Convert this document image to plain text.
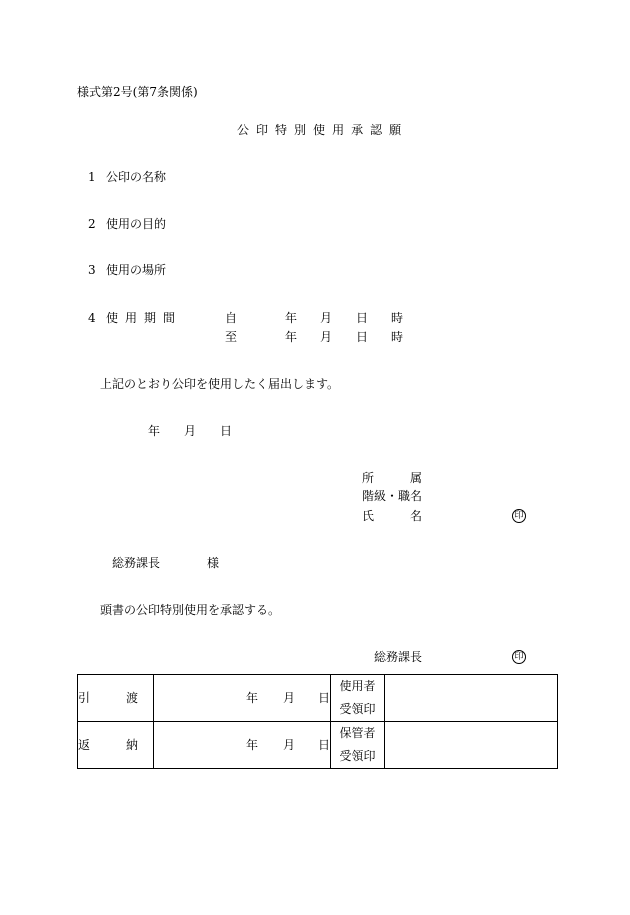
様式第2号(第7条関係)
公 印 特 別 使 用 承 認 願
1 公印の名称
2 使用の目的
3 使用の場所
4 使 用 期 間	自	年 月 日 時
至	年 月 日 時
上記のとおり公印を使用したく届出します。
年 月 日
所　　　属
階級・職名
氏　　　名	印
総務課長	様
頭書の公印特別使用を承認する。
総務課長	印
引　　　渡	年 月 日	使用者
受領印	

返　　　納	年 月 日	保管者
受領印	
